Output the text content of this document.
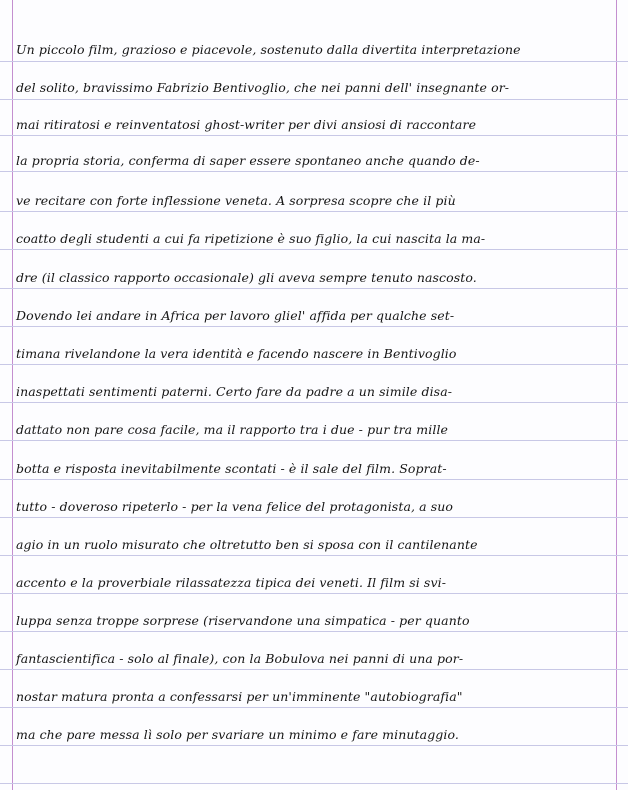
Un piccolo film, grazioso e piacevole, sostenuto dalla divertita interpretazione
del solito, bravissimo Fabrizio Bentivoglio, che nei panni dell' insegnante or-
mai ritiratosi e reinventatosi ghost-writer per divi ansiosi di raccontare
la propria storia, conferma di saper essere spontaneo anche quando de-
ve recitare con forte inflessione veneta. A sorpresa scopre che il più
coatto degli studenti a cui fa ripetizione è suo figlio, la cui nascita la ma-
dre (il classico rapporto occasionale) gli aveva sempre tenuto nascosto.
Dovendo lei andare in Africa per lavoro gliel' affida per qualche set-
timana rivelandone la vera identità e facendo nascere in Bentivoglio
inaspettati sentimenti paterni. Certo fare da padre a un simile disa-
dattato non pare cosa facile, ma il rapporto tra i due - pur tra mille
botta e risposta inevitabilmente scontati - è il sale del film. Soprat-
tutto - doveroso ripeterlo - per la vena felice del protagonista, a suo
agio in un ruolo misurato che oltretutto ben si sposa con il cantilenante
accento e la proverbiale rilassatezza tipica dei veneti. Il film si svi-
luppa senza troppe sorprese (riservandone una simpatica - per quanto
fantascientifica - solo al finale), con la Bobulova nei panni di una por-
nostar matura pronta a confessarsi per un'imminente "autobiografia"
ma che pare messa lì solo per svariare un minimo e fare minutaggio.
